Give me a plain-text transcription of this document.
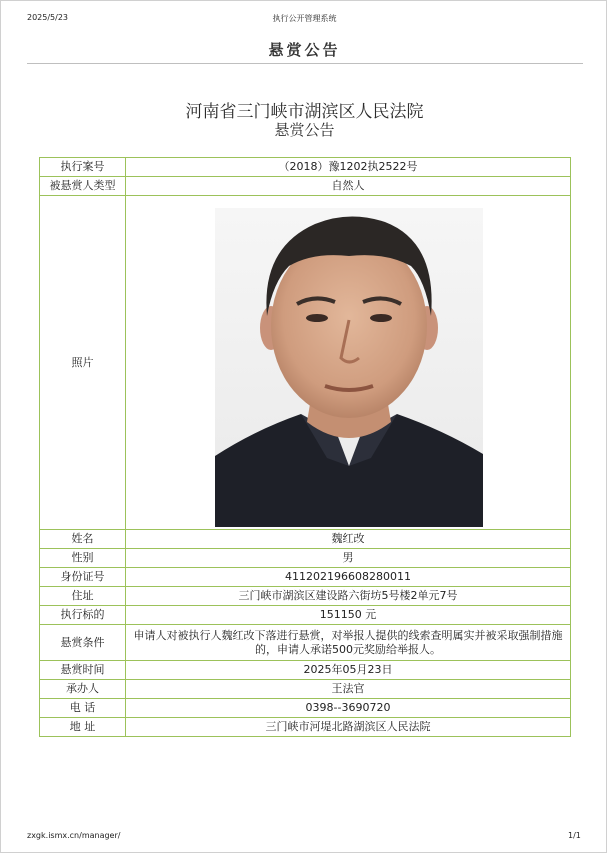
2025/5/23	执行公开管理系统
悬赏公告
河南省三门峡市湖滨区人民法院
悬赏公告
执行案号	（2018）豫1202执2522号
被悬赏人类型	自然人
照片	

姓名	魏红改
性别	男
身份证号	411202196608280011
住址	三门峡市湖滨区建设路六街坊5号楼2单元7号
执行标的	151150 元
悬赏条件	申请人对被执行人魏红改下落进行悬赏，对举报人提供的线索查明属实并被采取强制措施的，申请人承诺500元奖励给举报人。
悬赏时间	2025年05月23日
承办人	王法官
电 话	0398--3690720
地 址	三门峡市河堤北路湖滨区人民法院
zxgk.ismx.cn/manager/	1/1
